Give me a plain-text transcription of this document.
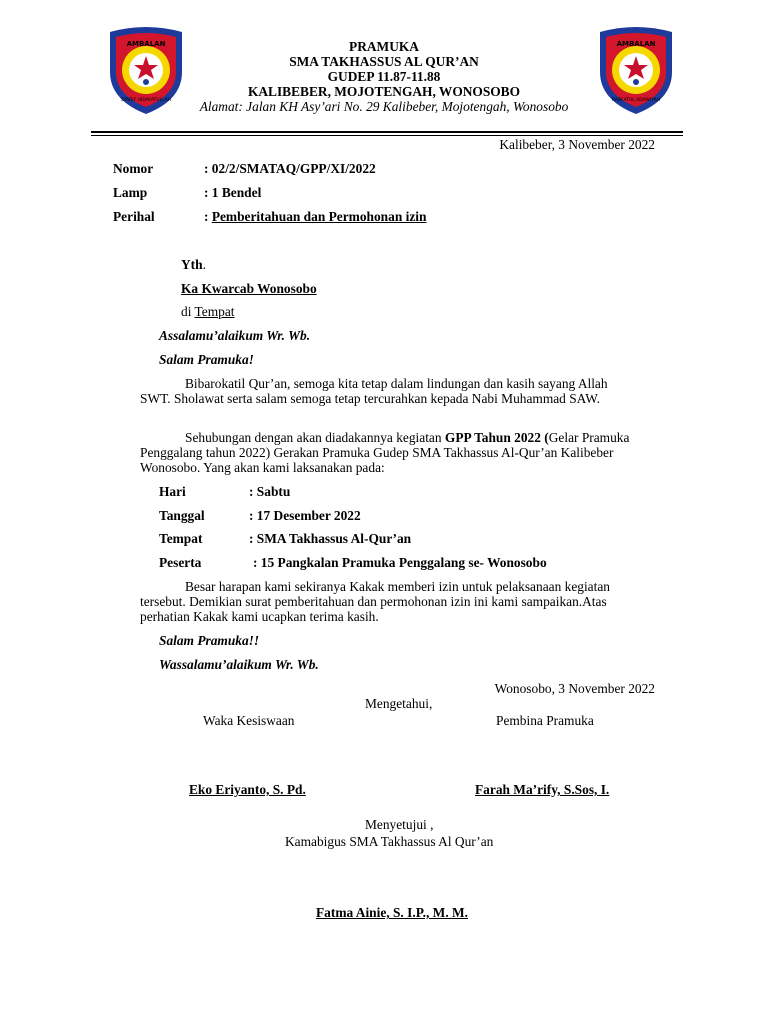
AMBALAN
SYARIF HIDAYATULLAH
AMBALAN
RABI'ATUL ADAWIYAH
PRAMUKA
SMA TAKHASSUS AL QUR’AN
GUDEP 11.87-11.88
KALIBEBER, MOJOTENGAH, WONOSOBO
Alamat: Jalan KH Asy’ari No. 29 Kalibeber, Mojotengah, Wonosobo
Kalibeber, 3 November 2022
Nomor	: 02/2/SMATAQ/GPP/XI/2022
Lamp	: 1 Bendel
Perihal	: Pemberitahuan dan Permohonan izin
Yth.
Ka Kwarcab Wonosobo
di Tempat
Assalamu’alaikum Wr. Wb.
Salam Pramuka!
Bibarokatil Qur’an, semoga kita tetap dalam lindungan dan kasih sayang Allah SWT. Sholawat serta salam semoga tetap tercurahkan kepada Nabi Muhammad SAW.
Sehubungan dengan akan diadakannya kegiatan GPP Tahun 2022 (Gelar Pramuka Penggalang tahun 2022) Gerakan Pramuka Gudep SMA Takhassus Al-Qur’an Kalibeber Wonosobo. Yang akan kami laksanakan pada:
Hari	: Sabtu
Tanggal	: 17 Desember 2022
Tempat	: SMA Takhassus Al-Qur’an
Peserta	: 15 Pangkalan Pramuka Penggalang se- Wonosobo
Besar harapan kami sekiranya Kakak memberi izin untuk pelaksanaan kegiatan tersebut. Demikian surat pemberitahuan dan permohonan izin ini kami sampaikan.Atas perhatian Kakak kami ucapkan terima kasih.
Salam Pramuka!!
Wassalamu’alaikum Wr. Wb.
Wonosobo, 3 November 2022
Mengetahui,
Waka Kesiswaan	Pembina Pramuka
Eko Eriyanto, S. Pd.	Farah Ma’rify, S.Sos, I.
Menyetujui ,
Kamabigus SMA Takhassus Al Qur’an
Fatma Ainie, S. I.P., M. M.
